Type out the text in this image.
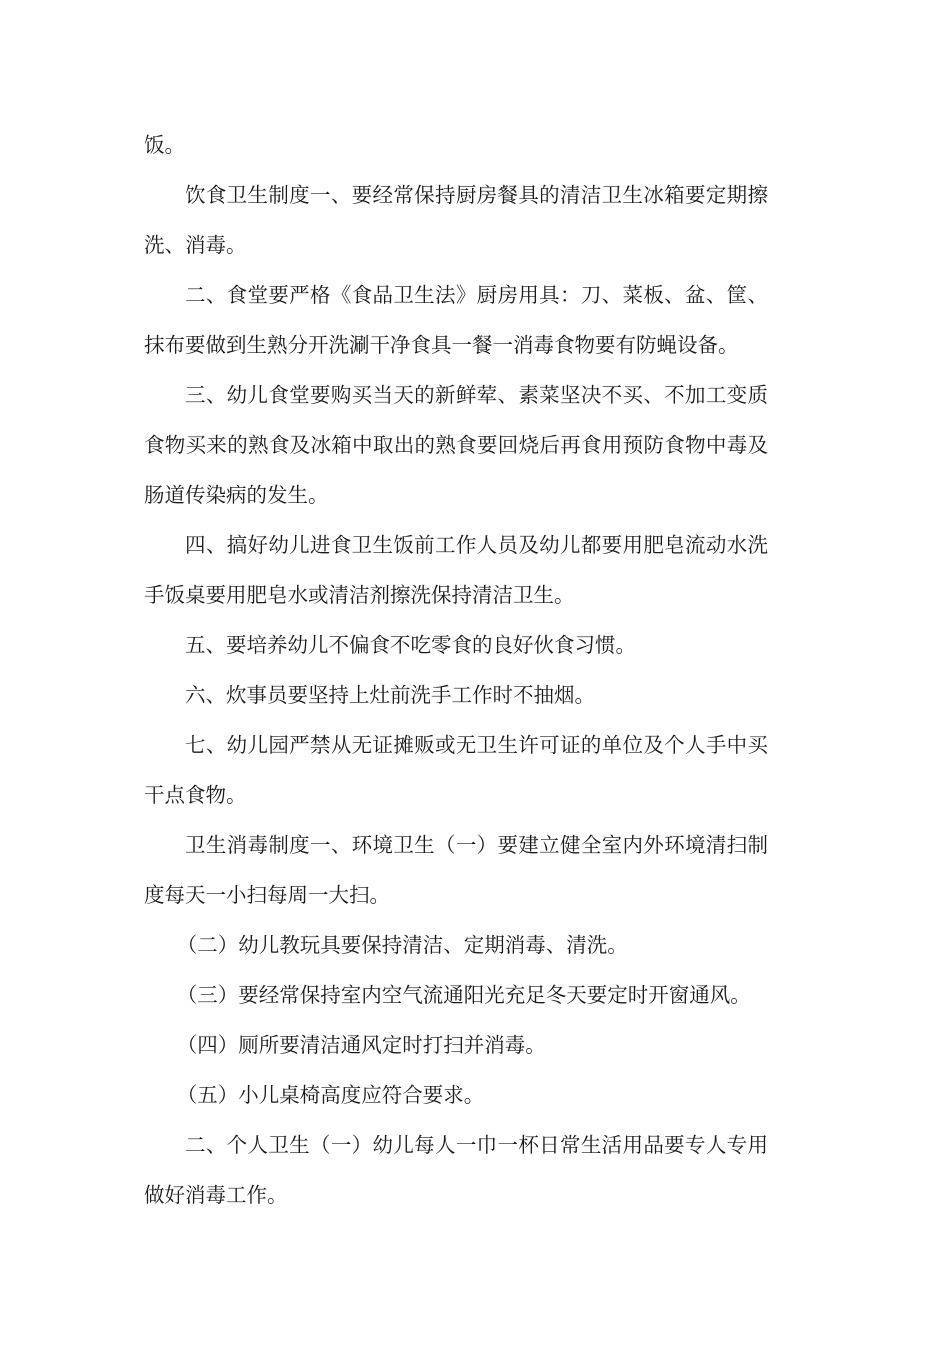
饭。

饮食卫生制度一、要经常保持厨房餐具的清洁卫生冰箱要定期擦洗、消毒。

二、食堂要严格《食品卫生法》厨房用具：刀、菜板、盆、筐、抹布要做到生熟分开洗涮干净食具一餐一消毒食物要有防蝇设备。

三、幼儿食堂要购买当天的新鲜荤、素菜坚决不买、不加工变质食物买来的熟食及冰箱中取出的熟食要回烧后再食用预防食物中毒及肠道传染病的发生。

四、搞好幼儿进食卫生饭前工作人员及幼儿都要用肥皂流动水洗手饭桌要用肥皂水或清洁剂擦洗保持清洁卫生。

五、要培养幼儿不偏食不吃零食的良好伙食习惯。

六、炊事员要坚持上灶前洗手工作时不抽烟。

七、幼儿园严禁从无证摊贩或无卫生许可证的单位及个人手中买干点食物。

卫生消毒制度一、环境卫生（一）要建立健全室内外环境清扫制度每天一小扫每周一大扫。

（二）幼儿教玩具要保持清洁、定期消毒、清洗。

（三）要经常保持室内空气流通阳光充足冬天要定时开窗通风。

（四）厕所要清洁通风定时打扫并消毒。

（五）小儿桌椅高度应符合要求。

二、个人卫生（一）幼儿每人一巾一杯日常生活用品要专人专用做好消毒工作。
